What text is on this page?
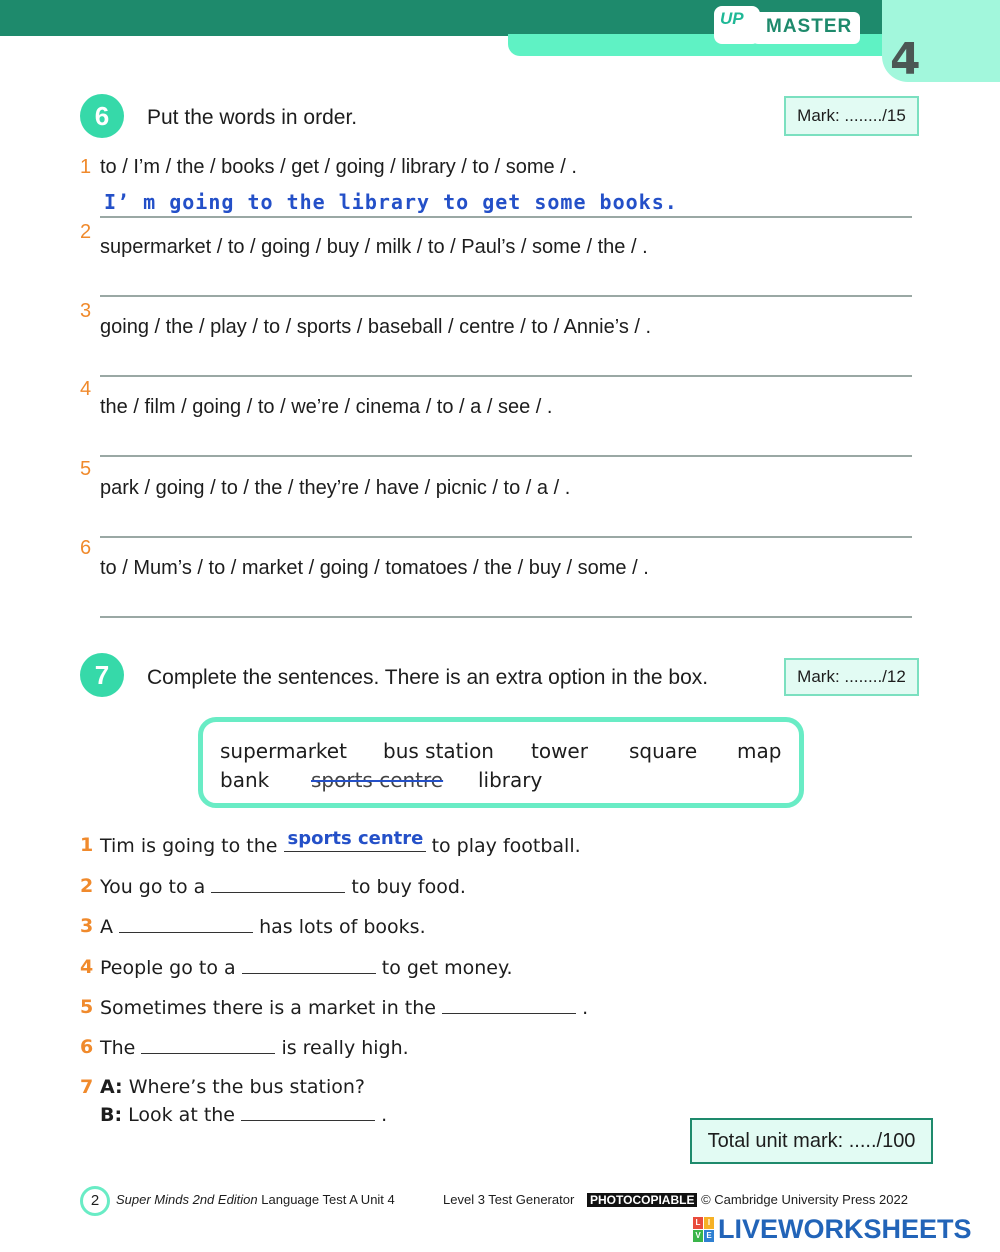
4
UP MASTER
6	Put the words in order.	Mark: ......../15
1 to / I’m / the / books / get / going / library / to / some / .
I’ m going to the library to get some books.
2
supermarket / to / going / buy / milk / to / Paul’s / some / the / .
3
going / the / play / to / sports / baseball / centre / to / Annie’s / .
4
the / film / going / to / we’re / cinema / to / a / see / .
5
park / going / to / the / they’re / have / picnic / to / a / .
6
to / Mum’s / to / market / going / tomatoes / the / buy / some / .
7	Complete the sentences. There is an extra option in the box.	Mark: ......../12
supermarket bus station tower square map
bank sports centre library
1 Tim is going to the sports centre to play football.
2 You go to a	to buy food.
3 A	has lots of books.
4 People go to a	to get money.
5 Sometimes there is a market in the	.
6 The	is really high.
7 A: Where’s the bus station?
B: Look at the	.
Total unit mark: ...../100
2	Super Minds 2nd Edition Language Test A Unit 4	Level 3 Test Generator PHOTOCOPIABLE © Cambridge University Press 2022
L I
V E LIVEWORKSHEETS
